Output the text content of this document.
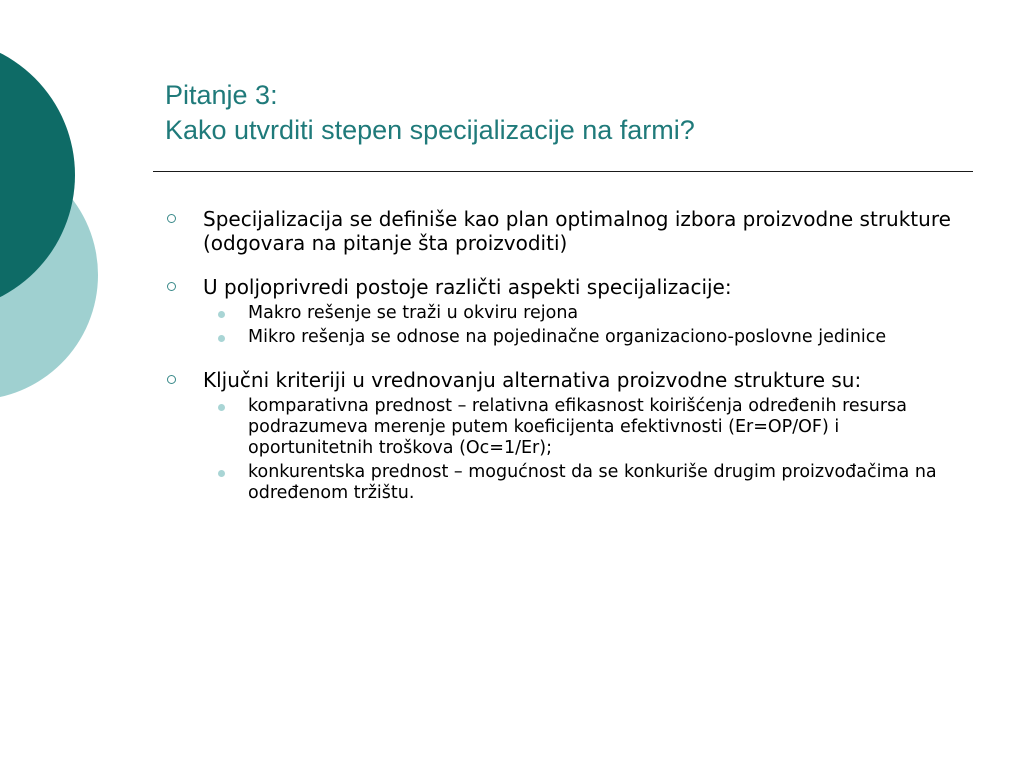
Pitanje 3:
Kako utvrditi stepen specijalizacije na farmi?
Specijalizacija se definiše kao plan optimalnog izbora proizvodne strukture (odgovara na pitanje šta proizvoditi)
U poljoprivredi postoje različti aspekti specijalizacije:
Makro rešenje se traži u okviru rejona
Mikro rešenja se odnose na pojedinačne organizaciono-poslovne jedinice
Ključni kriteriji u vrednovanju alternativa proizvodne strukture su:
komparativna prednost – relativna efikasnost koirišćenja određenih resursa podrazumeva merenje putem koeficijenta efektivnosti (Er=OP/OF) i oportunitetnih troškova (Oc=1/Er);
konkurentska prednost – mogućnost da se konkuriše drugim proizvođačima na određenom tržištu.
